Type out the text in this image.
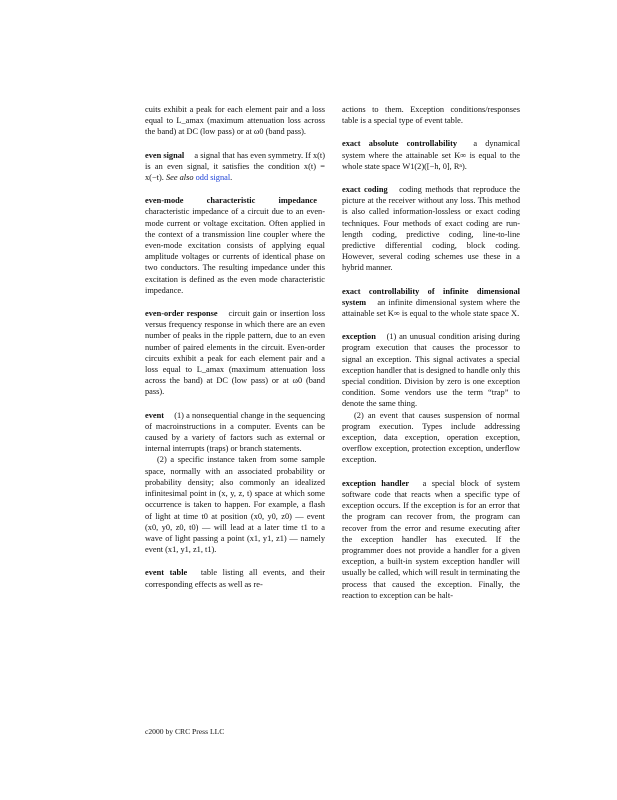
cuits exhibit a peak for each element pair and a loss equal to L_amax (maximum attenuation loss across the band) at DC (low pass) or at ω0 (band pass).

even signal a signal that has even symmetry. If x(t) is an even signal, it satisfies the condition x(t) = x(−t). See also odd signal.

even-mode characteristic impedance characteristic impedance of a circuit due to an even-mode current or voltage excitation. Often applied in the context of a transmission line coupler where the even-mode excitation consists of applying equal amplitude voltages or currents of identical phase on two conductors. The resulting impedance under this excitation is defined as the even mode characteristic impedance.

even-order response circuit gain or insertion loss versus frequency response in which there are an even number of peaks in the ripple pattern, due to an even number of paired elements in the circuit. Even-order circuits exhibit a peak for each element pair and a loss equal to L_amax (maximum attenuation loss across the band) at DC (low pass) or at ω0 (band pass).

event (1) a nonsequential change in the sequencing of macroinstructions in a computer. Events can be caused by a variety of factors such as external or internal interrupts (traps) or branch statements.

(2) a specific instance taken from some sample space, normally with an associated probability or probability density; also commonly an idealized infinitesimal point in (x, y, z, t) space at which some occurrence is taken to happen. For example, a flash of light at time t0 at position (x0, y0, z0) — event (x0, y0, z0, t0) — will lead at a later time t1 to a wave of light passing a point (x1, y1, z1) — namely event (x1, y1, z1, t1).

event table table listing all events, and their corresponding effects as well as re-

actions to them. Exception conditions/responses table is a special type of event table.

exact absolute controllability a dynamical system where the attainable set K∞ is equal to the whole state space W1(2)([−h, 0], Rⁿ).

exact coding coding methods that reproduce the picture at the receiver without any loss. This method is also called information-lossless or exact coding techniques. Four methods of exact coding are run-length coding, predictive coding, line-to-line predictive differential coding, block coding. However, several coding schemes use these in a hybrid manner.

exact controllability of infinite dimensional system an infinite dimensional system where the attainable set K∞ is equal to the whole state space X.

exception (1) an unusual condition arising during program execution that causes the processor to signal an exception. This signal activates a special exception handler that is designed to handle only this special condition. Division by zero is one exception condition. Some vendors use the term “trap” to denote the same thing.

(2) an event that causes suspension of normal program execution. Types include addressing exception, data exception, operation exception, overflow exception, protection exception, underflow exception.

exception handler a special block of system software code that reacts when a specific type of exception occurs. If the exception is for an error that the program can recover from, the program can recover from the error and resume executing after the exception handler has executed. If the programmer does not provide a handler for a given exception, a built-in system exception handler will usually be called, which will result in terminating the process that caused the exception. Finally, the reaction to exception can be halt-

c2000 by CRC Press LLC
